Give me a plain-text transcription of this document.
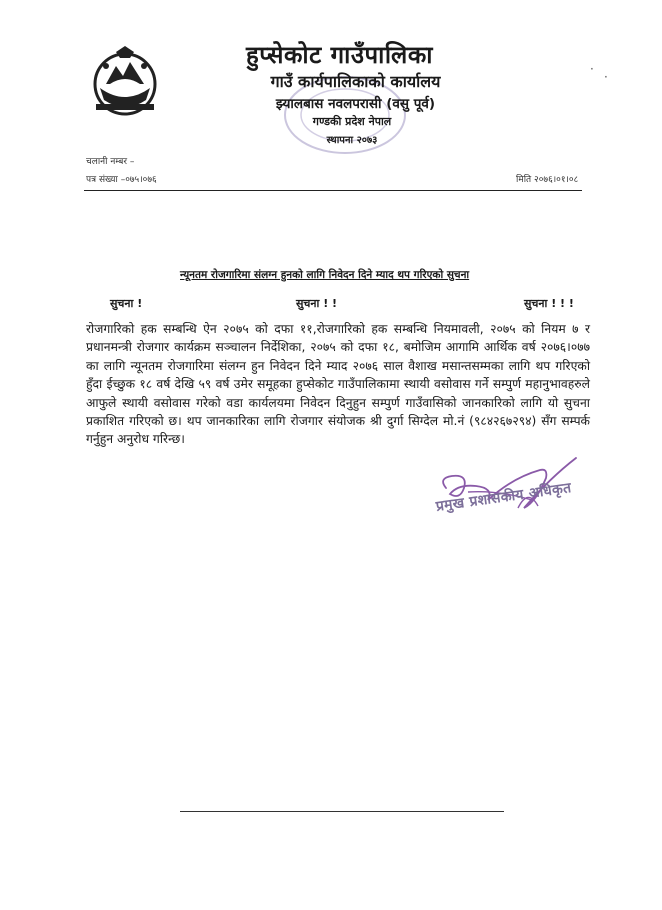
हुप्सेकोट गाउँपालिका
गाउँ कार्यपालिकाको कार्यालय
झ्यालबास नवलपरासी (वसु पूर्व)
गण्डकी प्रदेश नेपाल
स्थापना २०७३
·
·
चलानी नम्बर –
पत्र संख्या –०७५।०७६	मिति २०७६।०१।०८
न्यूनतम रोजगारिमा संलग्न हुनको लागि निवेदन दिने म्याद थप गरिएको सुचना
सुचना !	सुचना ! !	सुचना ! ! !
रोजगारिको हक सम्बन्धि ऐन २०७५ को दफा ११,रोजगारिको हक सम्बन्धि नियमावली, २०७५ को नियम ७ र प्रधानमन्त्री रोजगार कार्यक्रम सञ्चालन निर्देशिका, २०७५ को दफा १८, बमोजिम आगामि आर्थिक वर्ष २०७६।०७७ का लागि न्यूनतम रोजगारिमा संलग्न हुन निवेदन दिने म्याद २०७६ साल वैशाख मसान्तसम्मका लागि थप गरिएको हुँदा ईच्छुक १८ वर्ष देखि ५९ वर्ष उमेर समूहका हुप्सेकोट गाउँपालिकामा स्थायी वसोवास गर्ने सम्पुर्ण महानुभावहरुले आफुले स्थायी वसोवास गरेको वडा कार्यलयमा निवेदन दिनुहुन सम्पुर्ण गाउँवासिको जानकारिको लागि यो सुचना प्रकाशित गरिएको छ। थप जानकारिका लागि रोजगार संयोजक श्री दुर्गा सिग्देल मो.नं (९८४२६७२९४) सँग सम्पर्क गर्नुहुन अनुरोध गरिन्छ।
प्रमुख प्रशासकीय अधिकृत
